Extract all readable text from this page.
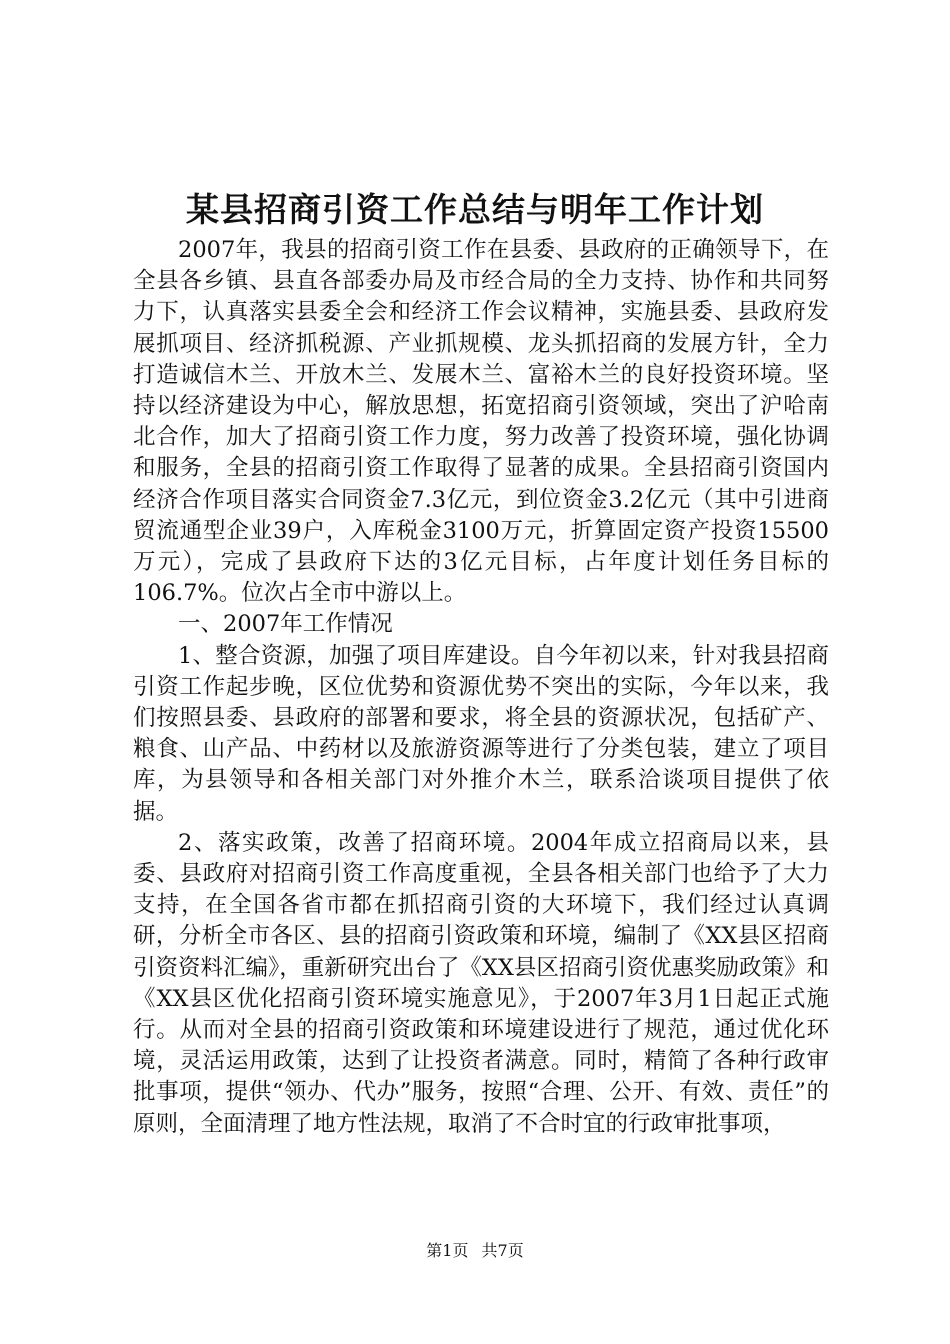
某县招商引资工作总结与明年工作计划

2007年，我县的招商引资工作在县委、县政府的正确领导下，在全县各乡镇、县直各部委办局及市经合局的全力支持、协作和共同努力下，认真落实县委全会和经济工作会议精神，实施县委、县政府发展抓项目、经济抓税源、产业抓规模、龙头抓招商的发展方针，全力打造诚信木兰、开放木兰、发展木兰、富裕木兰的良好投资环境。坚持以经济建设为中心，解放思想，拓宽招商引资领域，突出了沪哈南北合作，加大了招商引资工作力度，努力改善了投资环境，强化协调和服务，全县的招商引资工作取得了显著的成果。全县招商引资国内经济合作项目落实合同资金7.3亿元，到位资金3.2亿元（其中引进商贸流通型企业39户，入库税金3100万元，折算固定资产投资15500万元），完成了县政府下达的3亿元目标，占年度计划任务目标的106.7%。位次占全市中游以上。

一、2007年工作情况

1、整合资源，加强了项目库建设。自今年初以来，针对我县招商引资工作起步晚，区位优势和资源优势不突出的实际，今年以来，我们按照县委、县政府的部署和要求，将全县的资源状况，包括矿产、粮食、山产品、中药材以及旅游资源等进行了分类包装，建立了项目库，为县领导和各相关部门对外推介木兰，联系洽谈项目提供了依据。

2、落实政策，改善了招商环境。2004年成立招商局以来，县委、县政府对招商引资工作高度重视，全县各相关部门也给予了大力支持，在全国各省市都在抓招商引资的大环境下，我们经过认真调研，分析全市各区、县的招商引资政策和环境，编制了《XX县区招商引资资料汇编》，重新研究出台了《XX县区招商引资优惠奖励政策》和《XX县区优化招商引资环境实施意见》，于2007年3月1日起正式施行。从而对全县的招商引资政策和环境建设进行了规范，通过优化环境，灵活运用政策，达到了让投资者满意。同时，精简了各种行政审批事项，提供“领办、代办”服务，按照“合理、公开、有效、责任”的原则，全面清理了地方性法规，取消了不合时宜的行政审批事项，

第1页 共7页
